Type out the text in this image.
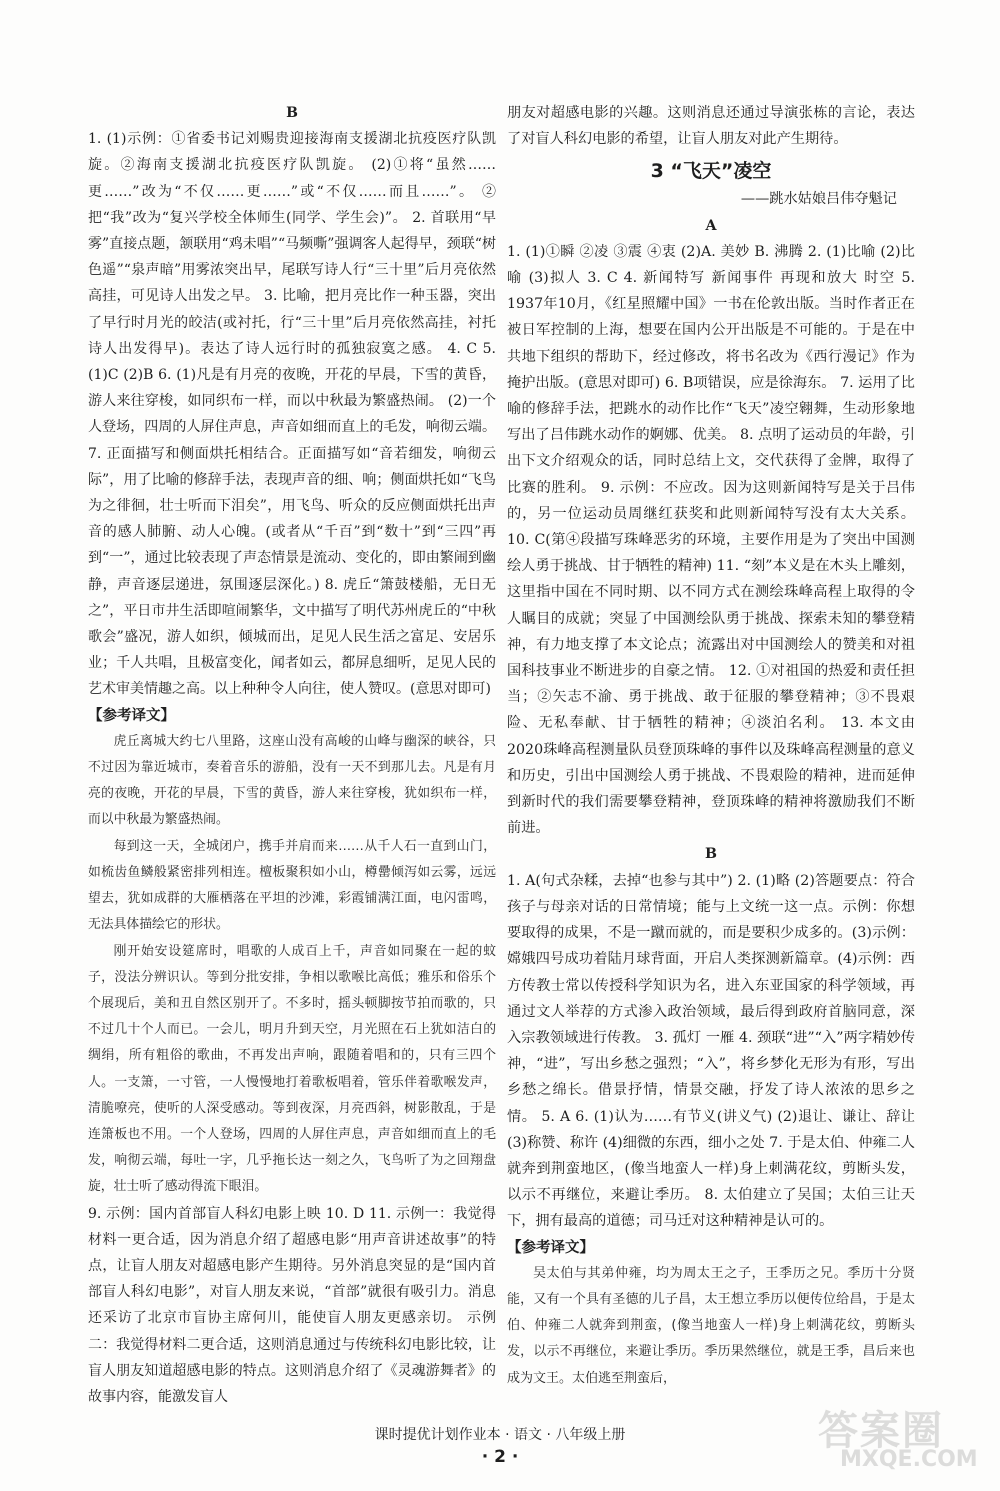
B

1. (1)示例：①省委书记刘赐贵迎接海南支援湖北抗疫医疗队凯旋。②海南支援湖北抗疫医疗队凯旋。 (2)①将“虽然……更……”改为“不仅……更……”或“不仅……而且……”。 ②把“我”改为“复兴学校全体师生(同学、学生会)”。 2. 首联用“早雾”直接点题，颔联用“鸡未唱”“马频嘶”强调客人起得早，颈联“树色遥”“泉声暗”用雾浓突出早，尾联写诗人行“三十里”后月亮依然高挂，可见诗人出发之早。 3. 比喻，把月亮比作一种玉器，突出了早行时月光的皎洁(或衬托，行“三十里”后月亮依然高挂，衬托诗人出发得早)。表达了诗人远行时的孤独寂寞之感。 4. C 5. (1)C (2)B 6. (1)凡是有月亮的夜晚，开花的早晨，下雪的黄昏，游人来往穿梭，如同织布一样，而以中秋最为繁盛热闹。 (2)一个人登场，四周的人屏住声息，声音如细而直上的毛发，响彻云端。 7. 正面描写和侧面烘托相结合。正面描写如“音若细发，响彻云际”，用了比喻的修辞手法，表现声音的细、响；侧面烘托如“飞鸟为之徘徊，壮士听而下泪矣”，用飞鸟、听众的反应侧面烘托出声音的感人肺腑、动人心魄。(或者从“千百”到“数十”到“三四”再到“一”，通过比较表现了声态情景是流动、变化的，即由繁闹到幽静，声音逐层递进，氛围逐层深化。) 8. 虎丘“箫鼓楼船，无日无之”，平日市井生活即喧闹繁华，文中描写了明代苏州虎丘的“中秋歌会”盛况，游人如织，倾城而出，足见人民生活之富足、安居乐业；千人共唱，且极富变化，闻者如云，都屏息细听，足见人民的艺术审美情趣之高。以上种种令人向往，使人赞叹。(意思对即可)

【参考译文】

虎丘离城大约七八里路，这座山没有高峻的山峰与幽深的峡谷，只不过因为靠近城市，奏着音乐的游船，没有一天不到那儿去。凡是有月亮的夜晚，开花的早晨，下雪的黄昏，游人来往穿梭，犹如织布一样，而以中秋最为繁盛热闹。

每到这一天，全城闭户，携手并肩而来……从千人石一直到山门，如梳齿鱼鳞般紧密排列相连。檀板聚积如小山，樽罍倾泻如云雾，远远望去，犹如成群的大雁栖落在平坦的沙滩，彩霞铺满江面，电闪雷鸣，无法具体描绘它的形状。

刚开始安设筵席时，唱歌的人成百上千，声音如同聚在一起的蚊子，没法分辨识认。等到分批安排，争相以歌喉比高低；雅乐和俗乐个个展现后，美和丑自然区别开了。不多时，摇头顿脚按节拍而歌的，只不过几十个人而已。一会儿，明月升到天空，月光照在石上犹如洁白的绸绢，所有粗俗的歌曲，不再发出声响，跟随着唱和的，只有三四个人。一支箫，一寸管，一人慢慢地打着歌板唱着，管乐伴着歌喉发声，清脆嘹亮，使听的人深受感动。等到夜深，月亮西斜，树影散乱，于是连箫板也不用。一个人登场，四周的人屏住声息，声音如细而直上的毛发，响彻云端，每吐一字，几乎拖长达一刻之久，飞鸟听了为之回翔盘旋，壮士听了感动得流下眼泪。

9. 示例：国内首部盲人科幻电影上映 10. D 11. 示例一：我觉得材料一更合适，因为消息介绍了超感电影“用声音讲述故事”的特点，让盲人朋友对超感电影产生期待。另外消息突显的是“国内首部盲人科幻电影”，对盲人朋友来说，“首部”就很有吸引力。消息还采访了北京市盲协主席何川，能使盲人朋友更感亲切。 示例二：我觉得材料二更合适，这则消息通过与传统科幻电影比较，让盲人朋友知道超感电影的特点。这则消息介绍了《灵魂游舞者》的故事内容，能激发盲人

朋友对超感电影的兴趣。这则消息还通过导演张栋的言论，表达了对盲人科幻电影的希望，让盲人朋友对此产生期待。

3 “飞天”凌空

——跳水姑娘吕伟夺魁记

A

1. (1)①瞬 ②凌 ③震 ④衷 (2)A. 美妙 B. 沸腾 2. (1)比喻 (2)比喻 (3)拟人 3. C 4. 新闻特写 新闻事件 再现和放大 时空 5. 1937年10月，《红星照耀中国》一书在伦敦出版。当时作者正在被日军控制的上海，想要在国内公开出版是不可能的。于是在中共地下组织的帮助下，经过修改，将书名改为《西行漫记》作为掩护出版。(意思对即可) 6. B项错误，应是徐海东。 7. 运用了比喻的修辞手法，把跳水的动作比作“飞天”凌空翱舞，生动形象地写出了吕伟跳水动作的婀娜、优美。 8. 点明了运动员的年龄，引出下文介绍观众的话，同时总结上文，交代获得了金牌，取得了比赛的胜利。 9. 示例：不应改。因为这则新闻特写是关于吕伟的，另一位运动员周继红获奖和此则新闻特写没有太大关系。 10. C(第④段描写珠峰恶劣的环境，主要作用是为了突出中国测绘人勇于挑战、甘于牺牲的精神) 11. “刻”本义是在木头上雕刻，这里指中国在不同时期、以不同方式在测绘珠峰高程上取得的令人瞩目的成就；突显了中国测绘队勇于挑战、探索未知的攀登精神，有力地支撑了本文论点；流露出对中国测绘人的赞美和对祖国科技事业不断进步的自豪之情。 12. ①对祖国的热爱和责任担当；②矢志不渝、勇于挑战、敢于征服的攀登精神；③不畏艰险、无私奉献、甘于牺牲的精神；④淡泊名利。 13. 本文由2020珠峰高程测量队员登顶珠峰的事件以及珠峰高程测量的意义和历史，引出中国测绘人勇于挑战、不畏艰险的精神，进而延伸到新时代的我们需要攀登精神，登顶珠峰的精神将激励我们不断前进。

B

1. A(句式杂糅，去掉“也参与其中”) 2. (1)略 (2)答题要点：符合孩子与母亲对话的日常情境；能与上文统一这一点。示例：你想要取得的成果，不是一蹴而就的，而是要积少成多的。(3)示例：嫦娥四号成功着陆月球背面，开启人类探测新篇章。(4)示例：西方传教士常以传授科学知识为名，进入东亚国家的科学领域，再通过文人举荐的方式渗入政治领域，最后得到政府首脑同意，深入宗教领域进行传教。 3. 孤灯 一雁 4. 颈联“进”“入”两字精妙传神，“进”，写出乡愁之强烈；“入”，将乡梦化无形为有形，写出乡愁之绵长。借景抒情，情景交融，抒发了诗人浓浓的思乡之情。 5. A 6. (1)认为……有节义(讲义气) (2)退让、谦让、辞让 (3)称赞、称许 (4)细微的东西，细小之处 7. 于是太伯、仲雍二人就奔到荆蛮地区，(像当地蛮人一样)身上刺满花纹，剪断头发，以示不再继位，来避让季历。 8. 太伯建立了吴国；太伯三让天下，拥有最高的道德；司马迁对这种精神是认可的。

【参考译文】

吴太伯与其弟仲雍，均为周太王之子，王季历之兄。季历十分贤能，又有一个具有圣德的儿子昌，太王想立季历以便传位给昌，于是太伯、仲雍二人就奔到荆蛮，(像当地蛮人一样)身上刺满花纹，剪断头发，以示不再继位，来避让季历。季历果然继位，就是王季，昌后来也成为文王。太伯逃至荆蛮后，

课时提优计划作业本 · 语文 · 八年级上册
· 2 ·
答案圈
MXQE.COM
